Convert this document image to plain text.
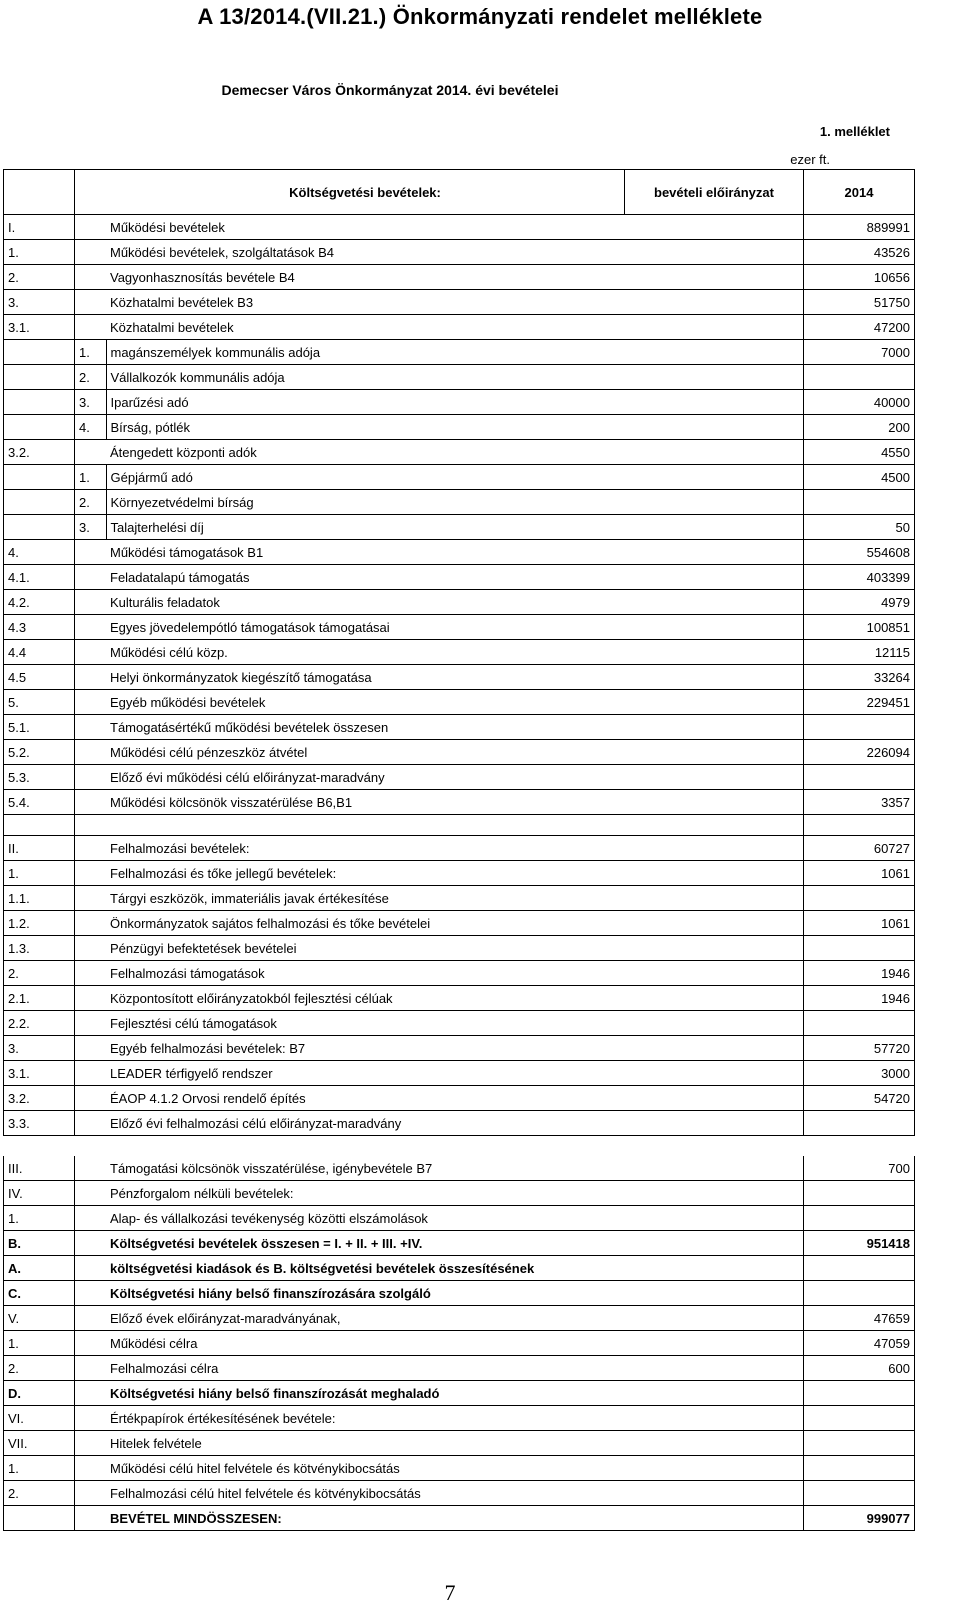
A 13/2014.(VII.21.) Önkormányzati rendelet melléklete
Demecser Város Önkormányzat 2014. évi bevételei
1. melléklet
ezer ft.
		Költségvetési bevételek:	bevételi előirányzat	2014
I.		Működési bevételek		889991
1.		Működési bevételek, szolgáltatások B4		43526
2.		Vagyonhasznosítás bevétele B4		10656
3.		Közhatalmi bevételek B3		51750
3.1.		Közhatalmi bevételek		47200
	1.	magánszemélyek kommunális adója		7000
	2.	Vállalkozók kommunális adója		
	3.	Iparűzési adó		40000
	4.	Bírság, pótlék		200
3.2.		Átengedett központi adók		4550
	1.	Gépjármű adó		4500
	2.	Környezetvédelmi bírság		
	3.	Talajterhelési díj		50
4.		Működési támogatások B1		554608
4.1.		Feladatalapú támogatás		403399
4.2.		Kulturális feladatok		4979
4.3		Egyes jövedelempótló támogatások támogatásai		100851
4.4		Működési célú közp.		12115
4.5		Helyi önkormányzatok kiegészítő támogatása		33264
5.		Egyéb működési bevételek		229451
5.1.		Támogatásértékű működési bevételek összesen		
5.2.		Működési célú pénzeszköz átvétel		226094
5.3.		Előző évi működési célú előirányzat-maradvány		
5.4.		Működési kölcsönök visszatérülése B6,B1		3357

II.		Felhalmozási bevételek:		60727
1.		Felhalmozási és tőke jellegű bevételek:		1061
1.1.		Tárgyi eszközök, immateriális javak értékesítése		
1.2.		Önkormányzatok sajátos felhalmozási és tőke bevételei		1061
1.3.		Pénzügyi befektetések bevételei		
2.		Felhalmozási támogatások		1946
2.1.		Központosított előirányzatokból fejlesztési célúak		1946
2.2.		Fejlesztési célú támogatások		
3.		Egyéb felhalmozási bevételek: B7		57720
3.1.		LEADER térfigyelő rendszer		3000
3.2.		ÉAOP 4.1.2 Orvosi rendelő építés		54720
3.3.		Előző évi felhalmozási célú előirányzat-maradvány		

III.		Támogatási kölcsönök visszatérülése, igénybevétele B7		700
IV.		Pénzforgalom nélküli bevételek:		
1.		Alap- és vállalkozási tevékenység közötti elszámolások		
B.		Költségvetési bevételek összesen = I. + II. + III. +IV.		951418
A.		költségvetési kiadások és B. költségvetési bevételek összesítésének		
C.		Költségvetési hiány belső finanszírozására szolgáló		
V.		Előző évek előirányzat-maradványának,		47659
1.		Működési célra		47059
2.		Felhalmozási célra		600
D.		Költségvetési hiány belső finanszírozását meghaladó		
VI.		Értékpapírok értékesítésének bevétele:		
VII.		Hitelek felvétele		
1.		Működési célú hitel felvétele és kötvénykibocsátás		
2.		Felhalmozási célú hitel felvétele és kötvénykibocsátás		
		BEVÉTEL MINDÖSSZESEN:		999077
7
